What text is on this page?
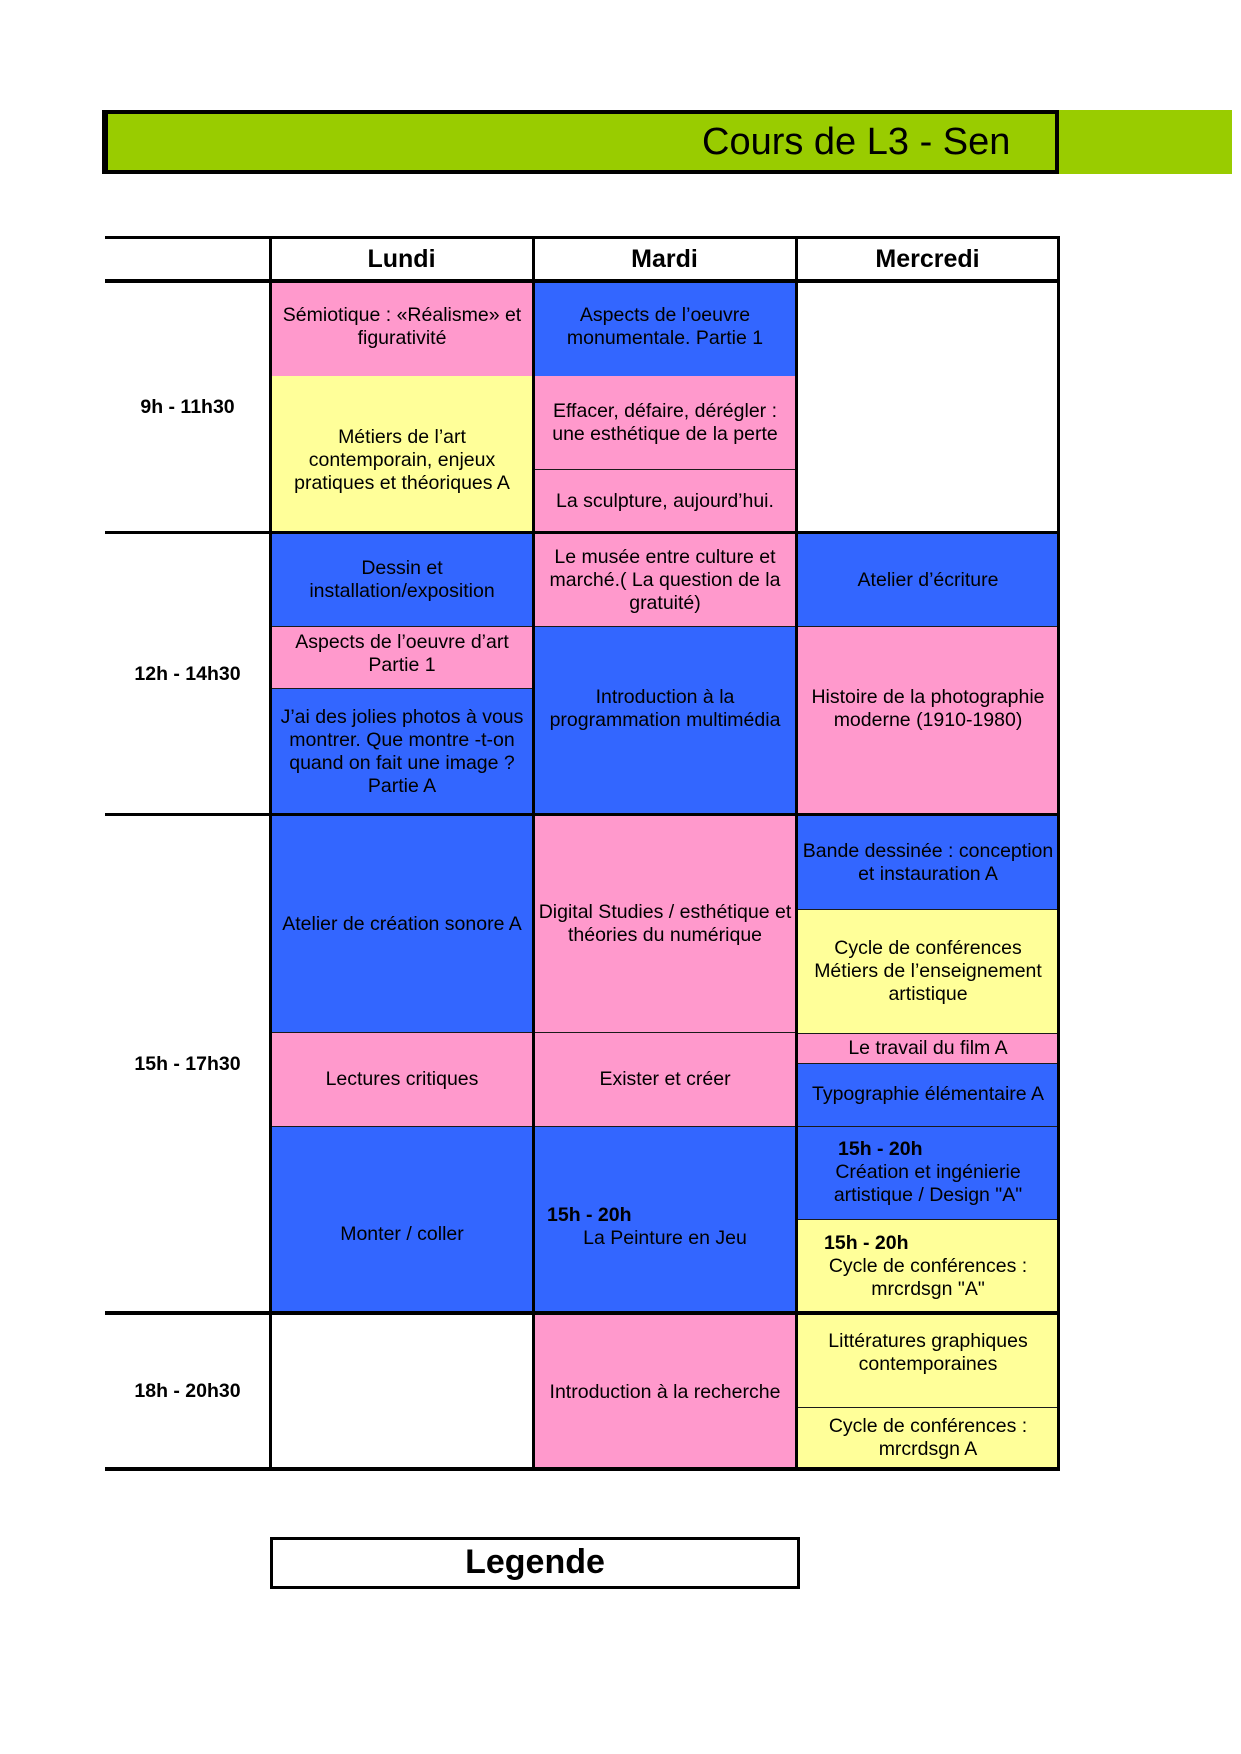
Cours de L3 - Sen
Lundi	Mardi	Mercredi
9h - 11h30
12h - 14h30
15h - 17h30
18h - 20h30
Sémiotique : «Réalisme» et figurativité
Métiers de l’art contemporain, enjeux pratiques et théoriques A
Aspects de l’oeuvre monumentale. Partie 1
Effacer, défaire, dérégler : une esthétique de la perte
La sculpture, aujourd’hui.
Dessin et installation/exposition
Aspects de l’oeuvre d’art Partie 1
J’ai des jolies photos à vous montrer. Que montre -t-on quand on fait une image ? Partie A
Le musée entre culture et marché.( La question de la gratuité)
Introduction à la programmation multimédia
Atelier d’écriture
Histoire de la photographie moderne (1910-1980)
Atelier de création sonore A
Lectures critiques
Monter / coller
Digital Studies / esthétique et théories du numérique
Exister et créer
15h - 20h
La Peinture en Jeu
Bande dessinée : conception et instauration A
Cycle de conférences Métiers de l’enseignement artistique
Le travail du film A
Typographie élémentaire A
15h - 20h
Création et ingénierie artistique / Design "A"
15h - 20h
Cycle de conférences : mrcrdsgn "A"
Introduction à la recherche
Littératures graphiques contemporaines
Cycle de conférences : mrcrdsgn A
Legende
